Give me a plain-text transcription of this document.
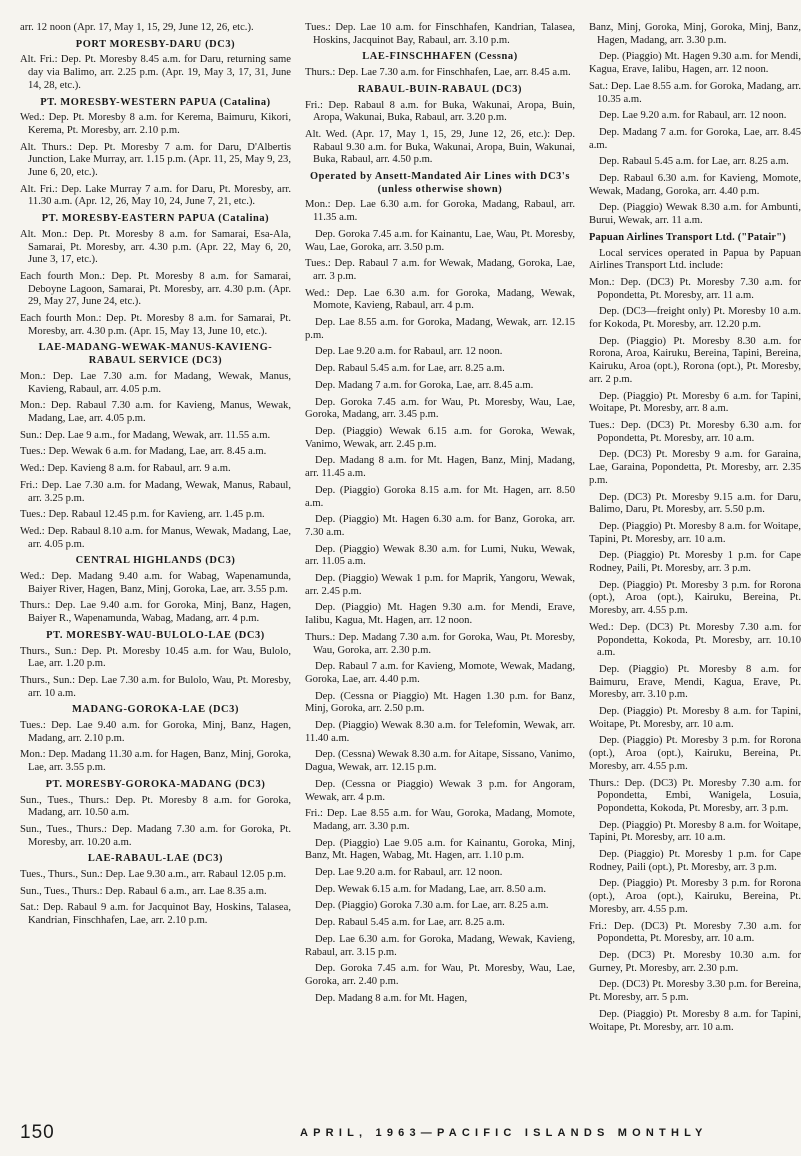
arr. 12 noon (Apr. 17, May 1, 15, 29, June 12, 26, etc.).
PORT MORESBY-DARU (DC3)
Alt. Fri.: Dep. Pt. Moresby 8.45 a.m. for Daru, returning same day via Balimo, arr. 2.25 p.m. (Apr. 19, May 3, 17, 31, June 14, 28, etc.).
PT. MORESBY-WESTERN PAPUA (Catalina)
Wed.: Dep. Pt. Moresby 8 a.m. for Kerema, Baimuru, Kikori, Kerema, Pt. Moresby, arr. 2.10 p.m.
Alt. Thurs.: Dep. Pt. Moresby 7 a.m. for Daru, D'Albertis Junction, Lake Murray, arr. 1.15 p.m. (Apr. 11, 25, May 9, 23, June 6, 20, etc.).
Alt. Fri.: Dep. Lake Murray 7 a.m. for Daru, Pt. Moresby, arr. 11.30 a.m. (Apr. 12, 26, May 10, 24, June 7, 21, etc.).
PT. MORESBY-EASTERN PAPUA (Catalina)
Alt. Mon.: Dep. Pt. Moresby 8 a.m. for Samarai, Esa-Ala, Samarai, Pt. Moresby, arr. 4.30 p.m. (Apr. 22, May 6, 20, June 3, 17, etc.).
Each fourth Mon.: Dep. Pt. Moresby 8 a.m. for Samarai, Deboyne Lagoon, Samarai, Pt. Moresby, arr. 4.30 p.m. (Apr. 29, May 27, June 24, etc.).
Each fourth Mon.: Dep. Pt. Moresby 8 a.m. for Samarai, Pt. Moresby, arr. 4.30 p.m. (Apr. 15, May 13, June 10, etc.).
LAE-MADANG-WEWAK-MANUS-KAVIENG-RABAUL SERVICE (DC3)
Mon.: Dep. Lae 7.30 a.m. for Madang, Wewak, Manus, Kavieng, Rabaul, arr. 4.05 p.m.
Mon.: Dep. Rabaul 7.30 a.m. for Kavieng, Manus, Wewak, Madang, Lae, arr. 4.05 p.m.
Sun.: Dep. Lae 9 a.m., for Madang, Wewak, arr. 11.55 a.m.
Tues.: Dep. Wewak 6 a.m. for Madang, Lae, arr. 8.45 a.m.
Wed.: Dep. Kavieng 8 a.m. for Rabaul, arr. 9 a.m.
Fri.: Dep. Lae 7.30 a.m. for Madang, Wewak, Manus, Rabaul, arr. 3.25 p.m.
Tues.: Dep. Rabaul 12.45 p.m. for Kavieng, arr. 1.45 p.m.
Wed.: Dep. Rabaul 8.10 a.m. for Manus, Wewak, Madang, Lae, arr. 4.05 p.m.
CENTRAL HIGHLANDS (DC3)
Wed.: Dep. Madang 9.40 a.m. for Wabag, Wapenamunda, Baiyer River, Hagen, Banz, Minj, Goroka, Lae, arr. 3.55 p.m.
Thurs.: Dep. Lae 9.40 a.m. for Goroka, Minj, Banz, Hagen, Baiyer R., Wapenamunda, Wabag, Madang, arr. 4 p.m.
PT. MORESBY-WAU-BULOLO-LAE (DC3)
Thurs., Sun.: Dep. Pt. Moresby 10.45 a.m. for Wau, Bulolo, Lae, arr. 1.20 p.m.
Thurs., Sun.: Dep. Lae 7.30 a.m. for Bulolo, Wau, Pt. Moresby, arr. 10 a.m.
MADANG-GOROKA-LAE (DC3)
Tues.: Dep. Lae 9.40 a.m. for Goroka, Minj, Banz, Hagen, Madang, arr. 2.10 p.m.
Mon.: Dep. Madang 11.30 a.m. for Hagen, Banz, Minj, Goroka, Lae, arr. 3.55 p.m.
PT. MORESBY-GOROKA-MADANG (DC3)
Sun., Tues., Thurs.: Dep. Pt. Moresby 8 a.m. for Goroka, Madang, arr. 10.50 a.m.
Sun., Tues., Thurs.: Dep. Madang 7.30 a.m. for Goroka, Pt. Moresby, arr. 10.20 a.m.
LAE-RABAUL-LAE (DC3)
Tues., Thurs., Sun.: Dep. Lae 9.30 a.m., arr. Rabaul 12.05 p.m.
Sun., Tues., Thurs.: Dep. Rabaul 6 a.m., arr. Lae 8.35 a.m.
Sat.: Dep. Rabaul 9 a.m. for Jacquinot Bay, Hoskins, Talasea, Kandrian, Finschhafen, Lae, arr. 2.10 p.m.
Tues.: Dep. Lae 10 a.m. for Finschhafen, Kandrian, Talasea, Hoskins, Jacquinot Bay, Rabaul, arr. 3.10 p.m.
LAE-FINSCHHAFEN (Cessna)
Thurs.: Dep. Lae 7.30 a.m. for Finschhafen, Lae, arr. 8.45 a.m.
RABAUL-BUIN-RABAUL (DC3)
Fri.: Dep. Rabaul 8 a.m. for Buka, Wakunai, Aropa, Buin, Aropa, Wakunai, Buka, Rabaul, arr. 3.20 p.m.
Alt. Wed. (Apr. 17, May 1, 15, 29, June 12, 26, etc.): Dep. Rabaul 9.30 a.m. for Buka, Wakunai, Aropa, Buin, Wakunai, Buka, Rabaul, arr. 4.50 p.m.
Operated by Ansett-Mandated Air Lines with DC3's (unless otherwise shown)
Mon.: Dep. Lae 6.30 a.m. for Goroka, Madang, Rabaul, arr. 11.35 a.m.
Dep. Goroka 7.45 a.m. for Kainantu, Lae, Wau, Pt. Moresby, Wau, Lae, Goroka, arr. 3.50 p.m.
Tues.: Dep. Rabaul 7 a.m. for Wewak, Madang, Goroka, Lae, arr. 3 p.m.
Wed.: Dep. Lae 6.30 a.m. for Goroka, Madang, Wewak, Momote, Kavieng, Rabaul, arr. 4 p.m.
Dep. Lae 8.55 a.m. for Goroka, Madang, Wewak, arr. 12.15 p.m.
Dep. Lae 9.20 a.m. for Rabaul, arr. 12 noon.
Dep. Rabaul 5.45 a.m. for Lae, arr. 8.25 a.m.
Dep. Madang 7 a.m. for Goroka, Lae, arr. 8.45 a.m.
Dep. Goroka 7.45 a.m. for Wau, Pt. Moresby, Wau, Lae, Goroka, Madang, arr. 3.45 p.m.
Dep. (Piaggio) Wewak 6.15 a.m. for Goroka, Wewak, Vanimo, Wewak, arr. 2.45 p.m.
Dep. Madang 8 a.m. for Mt. Hagen, Banz, Minj, Madang, arr. 11.45 a.m.
Dep. (Piaggio) Goroka 8.15 a.m. for Mt. Hagen, arr. 8.50 a.m.
Dep. (Piaggio) Mt. Hagen 6.30 a.m. for Banz, Goroka, arr. 7.30 a.m.
Dep. (Piaggio) Wewak 8.30 a.m. for Lumi, Nuku, Wewak, arr. 11.05 a.m.
Dep. (Piaggio) Wewak 1 p.m. for Maprik, Yangoru, Wewak, arr. 2.45 p.m.
Dep. (Piaggio) Mt. Hagen 9.30 a.m. for Mendi, Erave, Ialibu, Kagua, Mt. Hagen, arr. 12 noon.
Thurs.: Dep. Madang 7.30 a.m. for Goroka, Wau, Pt. Moresby, Wau, Goroka, arr. 2.30 p.m.
Dep. Rabaul 7 a.m. for Kavieng, Momote, Wewak, Madang, Goroka, Lae, arr. 4.40 p.m.
Dep. (Cessna or Piaggio) Mt. Hagen 1.30 p.m. for Banz, Minj, Goroka, arr. 2.50 p.m.
Dep. (Piaggio) Wewak 8.30 a.m. for Telefomin, Wewak, arr. 11.40 a.m.
Dep. (Cessna) Wewak 8.30 a.m. for Aitape, Sissano, Vanimo, Dagua, Wewak, arr. 12.15 p.m.
Dep. (Cessna or Piaggio) Wewak 3 p.m. for Angoram, Wewak, arr. 4 p.m.
Fri.: Dep. Lae 8.55 a.m. for Wau, Goroka, Madang, Momote, Madang, arr. 3.30 p.m.
Dep. (Piaggio) Lae 9.05 a.m. for Kainantu, Goroka, Minj, Banz, Mt. Hagen, Wabag, Mt. Hagen, arr. 1.10 p.m.
Dep. Lae 9.20 a.m. for Rabaul, arr. 12 noon.
Dep. Wewak 6.15 a.m. for Madang, Lae, arr. 8.50 a.m.
Dep. (Piaggio) Goroka 7.30 a.m. for Lae, arr. 8.25 a.m.
Dep. Rabaul 5.45 a.m. for Lae, arr. 8.25 a.m.
Dep. Lae 6.30 a.m. for Goroka, Madang, Wewak, Kavieng, Rabaul, arr. 3.15 p.m.
Dep. Goroka 7.45 a.m. for Wau, Pt. Moresby, Wau, Lae, Goroka, arr. 2.40 p.m.
Dep. Madang 8 a.m. for Mt. Hagen,
Banz, Minj, Goroka, Minj, Goroka, Minj, Banz, Hagen, Madang, arr. 3.30 p.m.
Dep. (Piaggio) Mt. Hagen 9.30 a.m. for Mendi, Kagua, Erave, Ialibu, Hagen, arr. 12 noon.
Sat.: Dep. Lae 8.55 a.m. for Goroka, Madang, arr. 10.35 a.m.
Dep. Lae 9.20 a.m. for Rabaul, arr. 12 noon.
Dep. Madang 7 a.m. for Goroka, Lae, arr. 8.45 a.m.
Dep. Rabaul 5.45 a.m. for Lae, arr. 8.25 a.m.
Dep. Rabaul 6.30 a.m. for Kavieng, Momote, Wewak, Madang, Goroka, arr. 4.40 p.m.
Dep. (Piaggio) Wewak 8.30 a.m. for Ambunti, Burui, Wewak, arr. 11 a.m.
Papuan Airlines Transport Ltd. ("Patair")
Local services operated in Papua by Papuan Airlines Transport Ltd. include:
Mon.: Dep. (DC3) Pt. Moresby 7.30 a.m. for Popondetta, Pt. Moresby, arr. 11 a.m.
Dep. (DC3—freight only) Pt. Moresby 10 a.m. for Kokoda, Pt. Moresby, arr. 12.20 p.m.
Dep. (Piaggio) Pt. Moresby 8.30 a.m. for Rorona, Aroa, Kairuku, Bereina, Tapini, Bereina, Kairuku, Aroa (opt.), Rorona (opt.), Pt. Moresby, arr. 2 p.m.
Dep. (Piaggio) Pt. Moresby 6 a.m. for Tapini, Woitape, Pt. Moresby, arr. 8 a.m.
Tues.: Dep. (DC3) Pt. Moresby 6.30 a.m. for Popondetta, Pt. Moresby, arr. 10 a.m.
Dep. (DC3) Pt. Moresby 9 a.m. for Garaina, Lae, Garaina, Popondetta, Pt. Moresby, arr. 2.35 p.m.
Dep. (DC3) Pt. Moresby 9.15 a.m. for Daru, Balimo, Daru, Pt. Moresby, arr. 5.50 p.m.
Dep. (Piaggio) Pt. Moresby 8 a.m. for Woitape, Tapini, Pt. Moresby, arr. 10 a.m.
Dep. (Piaggio) Pt. Moresby 1 p.m. for Cape Rodney, Paili, Pt. Moresby, arr. 3 p.m.
Dep. (Piaggio) Pt. Moresby 3 p.m. for Rorona (opt.), Aroa (opt.), Kairuku, Bereina, Pt. Moresby, arr. 4.55 p.m.
Wed.: Dep. (DC3) Pt. Moresby 7.30 a.m. for Popondetta, Kokoda, Pt. Moresby, arr. 10.10 a.m.
Dep. (Piaggio) Pt. Moresby 8 a.m. for Baimuru, Erave, Mendi, Kagua, Erave, Pt. Moresby, arr. 3.10 p.m.
Dep. (Piaggio) Pt. Moresby 8 a.m. for Tapini, Woitape, Pt. Moresby, arr. 10 a.m.
Dep. (Piaggio) Pt. Moresby 3 p.m. for Rorona (opt.), Aroa (opt.), Kairuku, Bereina, Pt. Moresby, arr. 4.55 p.m.
Thurs.: Dep. (DC3) Pt. Moresby 7.30 a.m. for Popondetta, Embi, Wanigela, Losuia, Popondetta, Kokoda, Pt. Moresby, arr. 3 p.m.
Dep. (Piaggio) Pt. Moresby 8 a.m. for Woitape, Tapini, Pt. Moresby, arr. 10 a.m.
Dep. (Piaggio) Pt. Moresby 1 p.m. for Cape Rodney, Paili (opt.), Pt. Moresby, arr. 3 p.m.
Dep. (Piaggio) Pt. Moresby 3 p.m. for Rorona (opt.), Aroa (opt.), Kairuku, Bereina, Pt. Moresby, arr. 4.55 p.m.
Fri.: Dep. (DC3) Pt. Moresby 7.30 a.m. for Popondetta, Pt. Moresby, arr. 10 a.m.
Dep. (DC3) Pt. Moresby 10.30 a.m. for Gurney, Pt. Moresby, arr. 2.30 p.m.
Dep. (DC3) Pt. Moresby 3.30 p.m. for Bereina, Pt. Moresby, arr. 5 p.m.
Dep. (Piaggio) Pt. Moresby 8 a.m. for Tapini, Woitape, Pt. Moresby, arr. 10 a.m.
150	APRIL, 1963—PACIFIC ISLANDS MONTHLY
